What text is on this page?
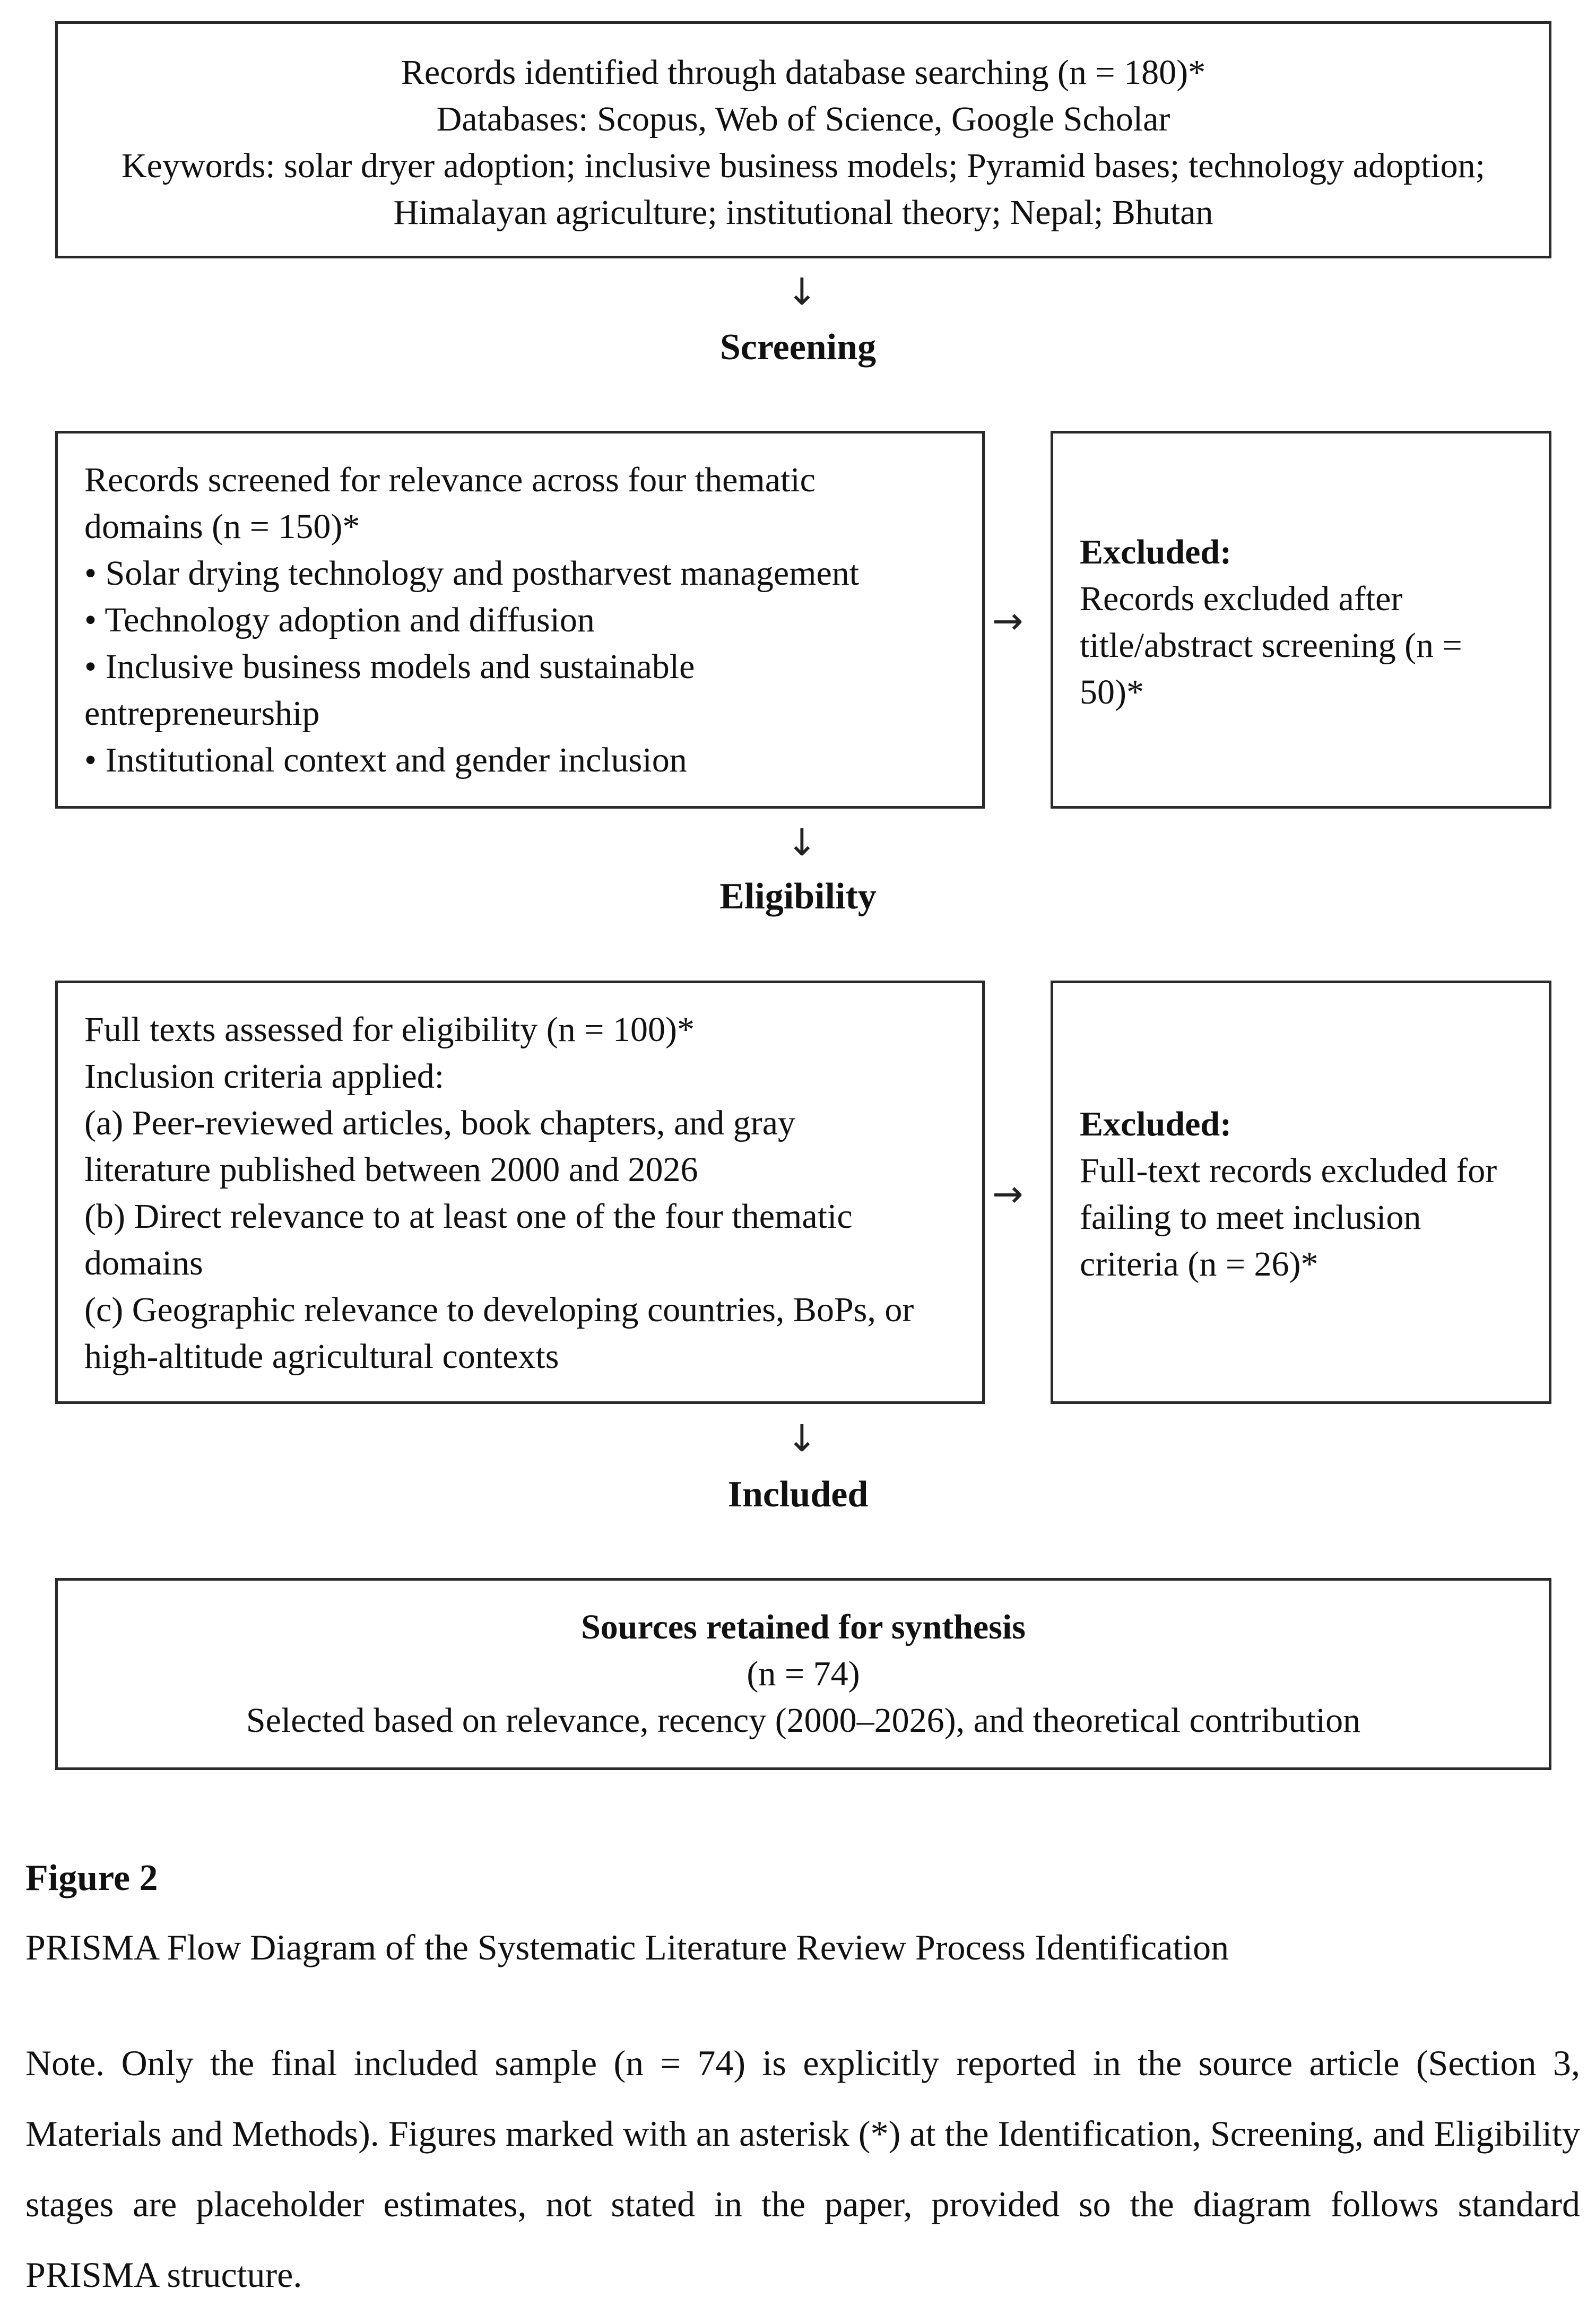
Records identified through database searching (n = 180)*

Databases: Scopus, Web of Science, Google Scholar

Keywords: solar dryer adoption; inclusive business models; Pyramid bases; technology adoption;

Himalayan agriculture; institutional theory; Nepal; Bhutan

↓
Screening

Records screened for relevance across four thematic

domains (n = 150)*

• Solar drying technology and postharvest management

• Technology adoption and diffusion

• Inclusive business models and sustainable

entrepreneurship

• Institutional context and gender inclusion

→

Excluded:

Records excluded after

title/abstract screening (n =

50)*

↓
Eligibility

Full texts assessed for eligibility (n = 100)*

Inclusion criteria applied:

(a) Peer-reviewed articles, book chapters, and gray

literature published between 2000 and 2026

(b) Direct relevance to at least one of the four thematic

domains

(c) Geographic relevance to developing countries, BoPs, or

high-altitude agricultural contexts

→

Excluded:

Full-text records excluded for

failing to meet inclusion

criteria (n = 26)*

↓
Included

Sources retained for synthesis

(n = 74)

Selected based on relevance, recency (2000–2026), and theoretical contribution

Figure 2
PRISMA Flow Diagram of the Systematic Literature Review Process Identification
Note. Only the final included sample (n = 74) is explicitly reported in the source article (Section 3, Materials and Methods). Figures marked with an asterisk (*) at the Identification, Screening, and Eligibility stages are placeholder estimates, not stated in the paper, provided so the diagram follows standard PRISMA structure.
